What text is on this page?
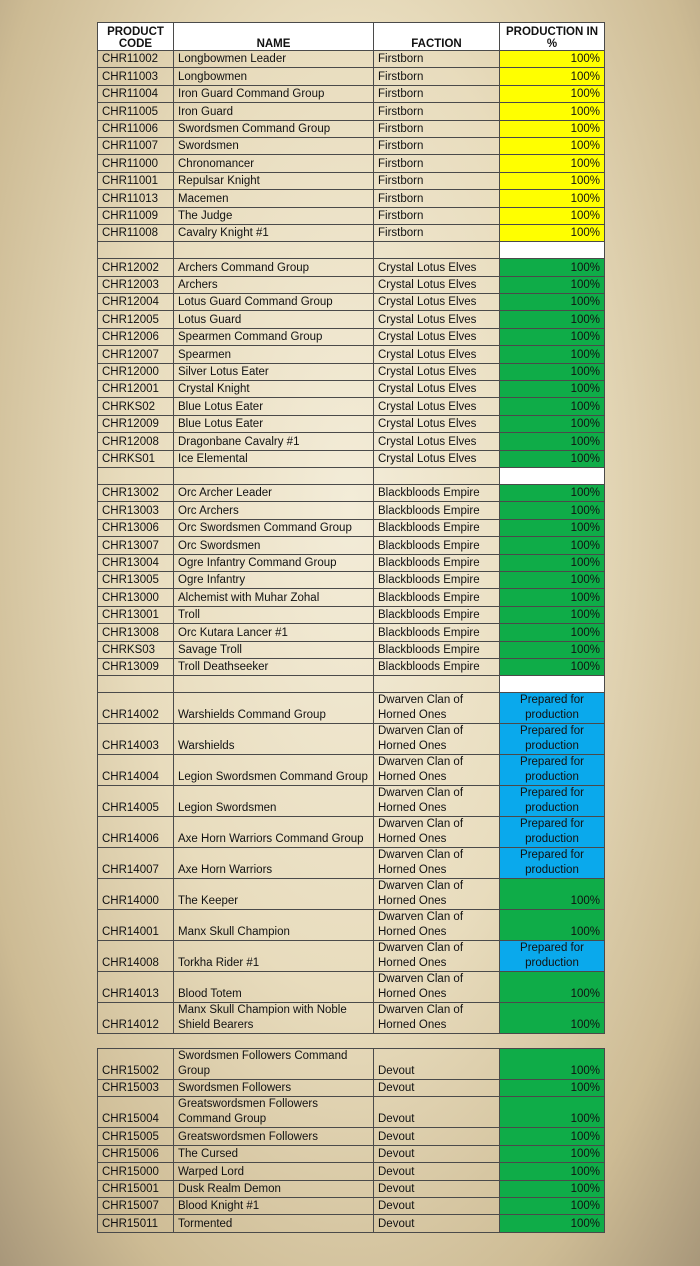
PRODUCT CODE	NAME	FACTION	PRODUCTION IN %
CHR11002	Longbowmen Leader	Firstborn	100%
CHR11003	Longbowmen	Firstborn	100%
CHR11004	Iron Guard Command Group	Firstborn	100%
CHR11005	Iron Guard	Firstborn	100%
CHR11006	Swordsmen Command Group	Firstborn	100%
CHR11007	Swordsmen	Firstborn	100%
CHR11000	Chronomancer	Firstborn	100%
CHR11001	Repulsar Knight	Firstborn	100%
CHR11013	Macemen	Firstborn	100%
CHR11009	The Judge	Firstborn	100%
CHR11008	Cavalry Knight #1	Firstborn	100%

CHR12002	Archers Command Group	Crystal Lotus Elves	100%
CHR12003	Archers	Crystal Lotus Elves	100%
CHR12004	Lotus Guard Command Group	Crystal Lotus Elves	100%
CHR12005	Lotus Guard	Crystal Lotus Elves	100%
CHR12006	Spearmen Command Group	Crystal Lotus Elves	100%
CHR12007	Spearmen	Crystal Lotus Elves	100%
CHR12000	Silver Lotus Eater	Crystal Lotus Elves	100%
CHR12001	Crystal Knight	Crystal Lotus Elves	100%
CHRKS02	Blue Lotus Eater	Crystal Lotus Elves	100%
CHR12009	Blue Lotus Eater	Crystal Lotus Elves	100%
CHR12008	Dragonbane Cavalry #1	Crystal Lotus Elves	100%
CHRKS01	Ice Elemental	Crystal Lotus Elves	100%

CHR13002	Orc Archer Leader	Blackbloods Empire	100%
CHR13003	Orc Archers	Blackbloods Empire	100%
CHR13006	Orc Swordsmen Command Group	Blackbloods Empire	100%
CHR13007	Orc Swordsmen	Blackbloods Empire	100%
CHR13004	Ogre Infantry Command Group	Blackbloods Empire	100%
CHR13005	Ogre Infantry	Blackbloods Empire	100%
CHR13000	Alchemist with Muhar Zohal	Blackbloods Empire	100%
CHR13001	Troll	Blackbloods Empire	100%
CHR13008	Orc Kutara Lancer #1	Blackbloods Empire	100%
CHRKS03	Savage Troll	Blackbloods Empire	100%
CHR13009	Troll Deathseeker	Blackbloods Empire	100%

CHR14002	Warshields Command Group	Dwarven Clan of Horned Ones	Prepared for production
CHR14003	Warshields	Dwarven Clan of Horned Ones	Prepared for production
CHR14004	Legion Swordsmen Command Group	Dwarven Clan of Horned Ones	Prepared for production
CHR14005	Legion Swordsmen	Dwarven Clan of Horned Ones	Prepared for production
CHR14006	Axe Horn Warriors Command Group	Dwarven Clan of Horned Ones	Prepared for production
CHR14007	Axe Horn Warriors	Dwarven Clan of Horned Ones	Prepared for production
CHR14000	The Keeper	Dwarven Clan of Horned Ones	100%
CHR14001	Manx Skull Champion	Dwarven Clan of Horned Ones	100%
CHR14008	Torkha Rider #1	Dwarven Clan of Horned Ones	Prepared for production
CHR14013	Blood Totem	Dwarven Clan of Horned Ones	100%
CHR14012	Manx Skull Champion with Noble Shield Bearers	Dwarven Clan of Horned Ones	100%
CHR15002	Swordsmen Followers Command Group	Devout	100%
CHR15003	Swordsmen Followers	Devout	100%
CHR15004	Greatswordsmen Followers Command Group	Devout	100%
CHR15005	Greatswordsmen Followers	Devout	100%
CHR15006	The Cursed	Devout	100%
CHR15000	Warped Lord	Devout	100%
CHR15001	Dusk Realm Demon	Devout	100%
CHR15007	Blood Knight #1	Devout	100%
CHR15011	Tormented	Devout	100%
